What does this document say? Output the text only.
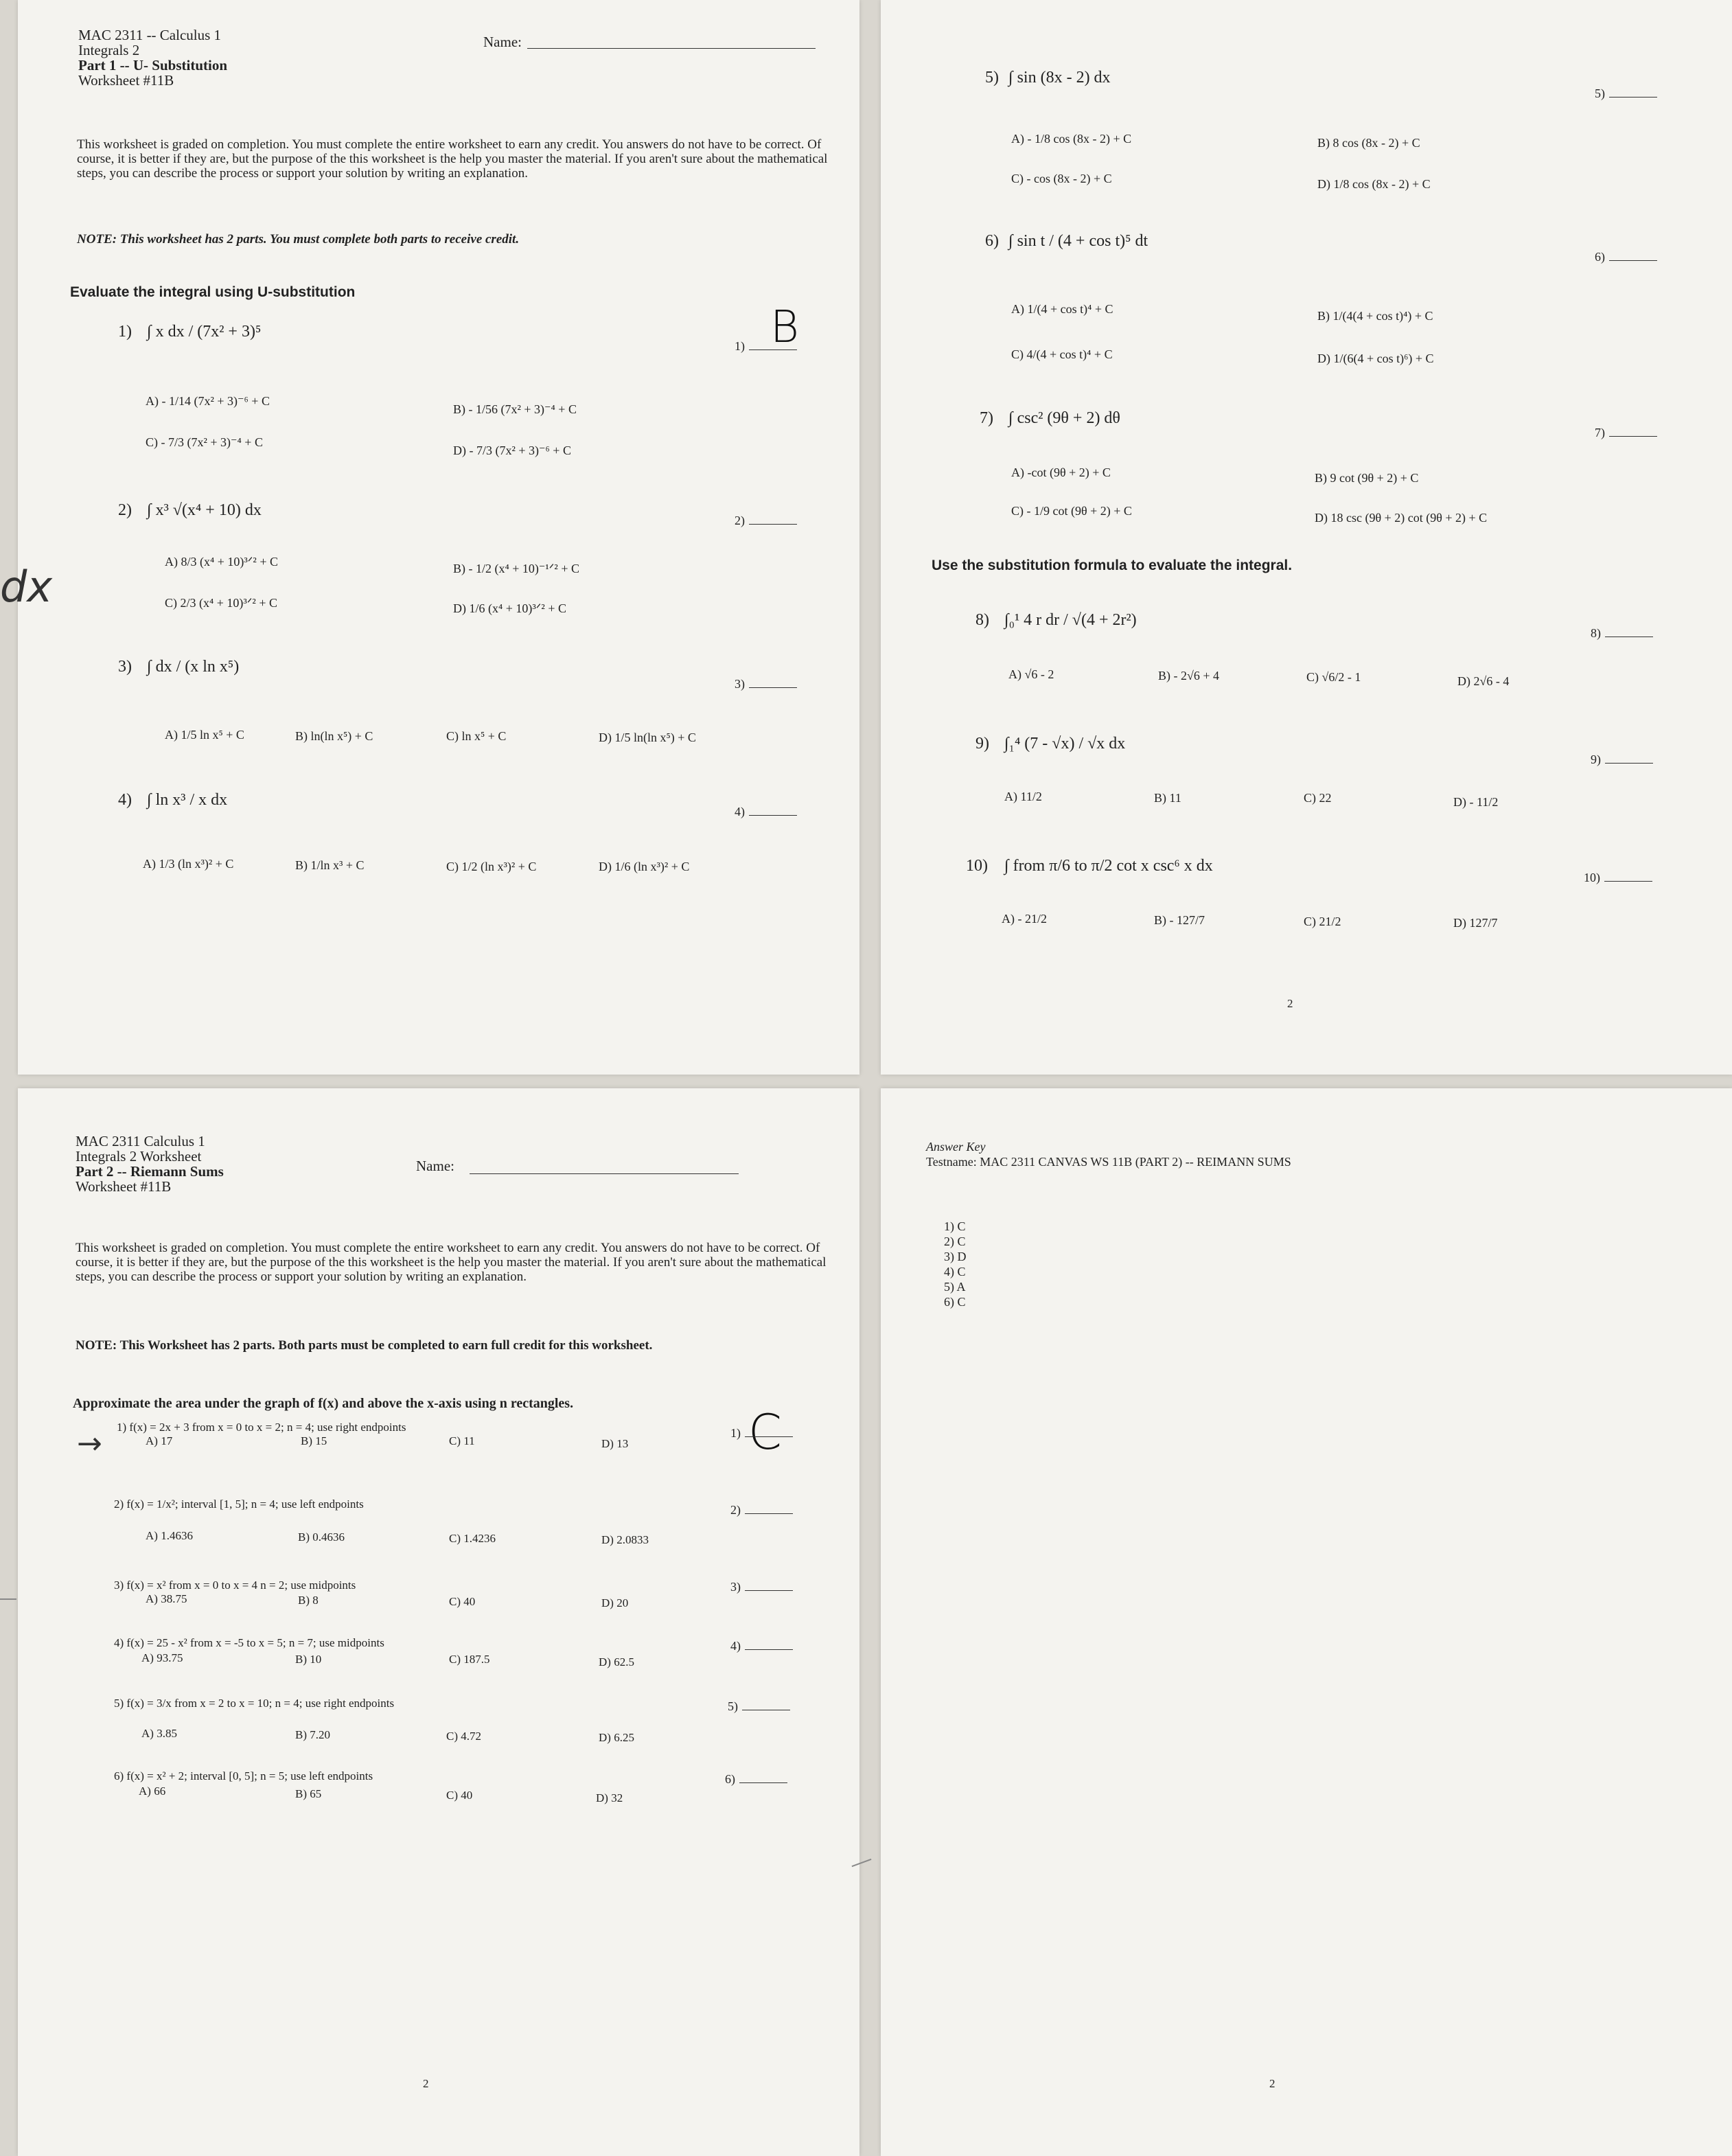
MAC 2311 -- Calculus 1
Integrals 2
Part 1 -- U- Substitution
Worksheet #11B
Name:
This worksheet is graded on completion. You must complete the entire worksheet to earn any credit. You answers do not have to be correct. Of course, it is better if they are, but the purpose of the this worksheet is the help you master the material. If you aren't sure about the mathematical steps, you can describe the process or support your solution by writing an explanation.
NOTE: This worksheet has 2 parts. You must complete both parts to receive credit.
Evaluate the integral using U-substitution
1) ∫ x dx / (7x² + 3)⁵
1) B
A) - 1/14 (7x² + 3)⁻⁶ + C
B) - 1/56 (7x² + 3)⁻⁴ + C
C) - 7/3 (7x² + 3)⁻⁴ + C
D) - 7/3 (7x² + 3)⁻⁶ + C
2) ∫ x³ √(x⁴ + 10) dx
2)
A) 8/3 (x⁴ + 10)³ᐟ² + C	B) - 1/2 (x⁴ + 10)⁻¹ᐟ² + C
C) 2/3 (x⁴ + 10)³ᐟ² + C	D) 1/6 (x⁴ + 10)³ᐟ² + C
3) ∫ dx / (x ln x⁵)
3)
A) 1/5 ln x⁵ + C	B) ln(ln x⁵) + C	C) ln x⁵ + C	D) 1/5 ln(ln x⁵) + C
4) ∫ ln x³ / x dx
4)
A) 1/3 (ln x³)² + C	B) 1/ln x³ + C	C) 1/2 (ln x³)² + C	D) 1/6 (ln x³)² + C
dx
5) ∫ sin (8x - 2) dx
5)
A) - 1/8 cos (8x - 2) + C	B) 8 cos (8x - 2) + C
C) - cos (8x - 2) + C	D) 1/8 cos (8x - 2) + C
6) ∫ sin t / (4 + cos t)⁵ dt
6)
A) 1/(4 + cos t)⁴ + C	B) 1/(4(4 + cos t)⁴) + C
C) 4/(4 + cos t)⁴ + C	D) 1/(6(4 + cos t)⁶) + C
7) ∫ csc² (9θ + 2) dθ
7)
A) -cot (9θ + 2) + C	B) 9 cot (9θ + 2) + C
C) - 1/9 cot (9θ + 2) + C	D) 18 csc (9θ + 2) cot (9θ + 2) + C
Use the substitution formula to evaluate the integral.
8) ∫₀¹ 4 r dr / √(4 + 2r²)
8)
A) √6 - 2	B) - 2√6 + 4	C) √6/2 - 1	D) 2√6 - 4
9) ∫₁⁴ (7 - √x) / √x dx
9)
A) 11/2	B) 11	C) 22	D) - 11/2
10) ∫ from π/6 to π/2 cot x csc⁶ x dx
10)
A) - 21/2	B) - 127/7	C) 21/2	D) 127/7
2
MAC 2311 Calculus 1
Integrals 2 Worksheet
Part 2 -- Riemann Sums
Worksheet #11B
Name:
This worksheet is graded on completion. You must complete the entire worksheet to earn any credit. You answers do not have to be correct. Of course, it is better if they are, but the purpose of the this worksheet is the help you master the material. If you aren't sure about the mathematical steps, you can describe the process or support your solution by writing an explanation.
NOTE: This Worksheet has 2 parts. Both parts must be completed to earn full credit for this worksheet.
Approximate the area under the graph of f(x) and above the x-axis using n rectangles.
C
→ 1) f(x) = 2x + 3 from x = 0 to x = 2; n = 4; use right endpoints	1)
A) 17	B) 15	C) 11	D) 13
2) f(x) = 1/x²; interval [1, 5]; n = 4; use left endpoints	2)
A) 1.4636	B) 0.4636	C) 1.4236	D) 2.0833
3) f(x) = x² from x = 0 to x = 4 n = 2; use midpoints	3)
A) 38.75	B) 8	C) 40	D) 20
4) f(x) = 25 - x² from x = -5 to x = 5; n = 7; use midpoints	4)
A) 93.75	B) 10	C) 187.5	D) 62.5
5) f(x) = 3/x from x = 2 to x = 10; n = 4; use right endpoints	5)
A) 3.85	B) 7.20	C) 4.72	D) 6.25
6) f(x) = x² + 2; interval [0, 5]; n = 5; use left endpoints	6)
A) 66	B) 65	C) 40	D) 32
2
Answer Key
Testname: MAC 2311 CANVAS WS 11B (PART 2) -- REIMANN SUMS
1) C
2) C
3) D
4) C
5) A
6) C
2
